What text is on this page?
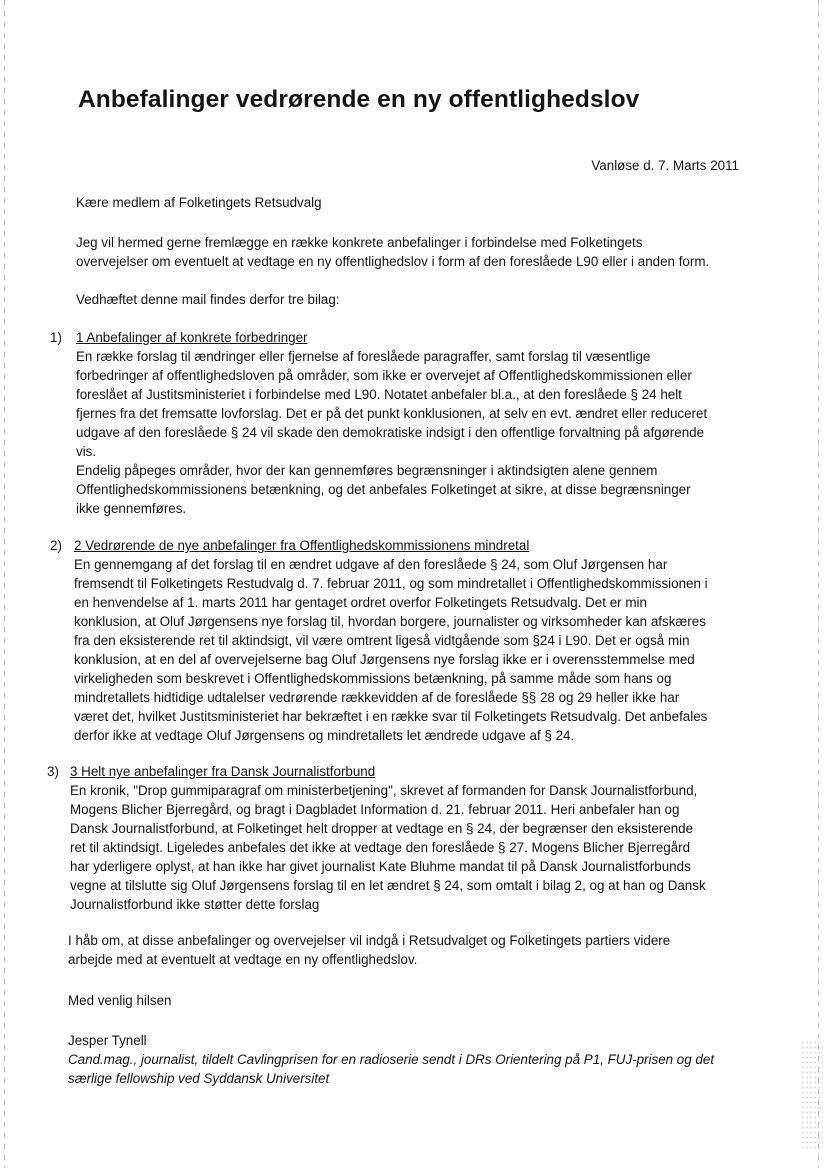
Anbefalinger vedrørende en ny offentlighedslov
Vanløse d. 7. Marts 2011
Kære medlem af Folketingets Retsudvalg
Jeg vil hermed gerne fremlægge en række konkrete anbefalinger i forbindelse med Folketingets
overvejelser om eventuelt at vedtage en ny offentlighedslov i form af den foreslåede L90 eller i anden form.
Vedhæftet denne mail findes derfor tre bilag:
1) 1 Anbefalinger af konkrete forbedringer
En række forslag til ændringer eller fjernelse af foreslåede paragraffer, samt forslag til væsentlige
forbedringer af offentlighedsloven på områder, som ikke er overvejet af Offentlighedskommissionen eller
foreslået af Justitsministeriet i forbindelse med L90. Notatet anbefaler bl.a., at den foreslåede § 24 helt
fjernes fra det fremsatte lovforslag. Det er på det punkt konklusionen, at selv en evt. ændret eller reduceret
udgave af den foreslåede § 24 vil skade den demokratiske indsigt i den offentlige forvaltning på afgørende
vis.
Endelig påpeges områder, hvor der kan gennemføres begrænsninger i aktindsigten alene gennem
Offentlighedskommissionens betænkning, og det anbefales Folketinget at sikre, at disse begrænsninger
ikke gennemføres.
2) 2 Vedrørende de nye anbefalinger fra Offentlighedskommissionens mindretal
En gennemgang af det forslag til en ændret udgave af den foreslåede § 24, som Oluf Jørgensen har
fremsendt til Folketingets Restudvalg d. 7. februar 2011, og som mindretallet i Offentlighedskommissionen i
en henvendelse af 1. marts 2011 har gentaget ordret overfor Folketingets Retsudvalg. Det er min
konklusion, at Oluf Jørgensens nye forslag til, hvordan borgere, journalister og virksomheder kan afskæres
fra den eksisterende ret til aktindsigt, vil være omtrent ligeså vidtgående som §24 i L90. Det er også min
konklusion, at en del af overvejelserne bag Oluf Jørgensens nye forslag ikke er i overensstemmelse med
virkeligheden som beskrevet i Offentlighedskommissions betænkning, på samme måde som hans og
mindretallets hidtidige udtalelser vedrørende rækkevidden af de foreslåede §§ 28 og 29 heller ikke har
været det, hvilket Justitsministeriet har bekræftet i en række svar til Folketingets Retsudvalg. Det anbefales
derfor ikke at vedtage Oluf Jørgensens og mindretallets let ændrede udgave af § 24.
3) 3 Helt nye anbefalinger fra Dansk Journalistforbund
En kronik, "Drop gummiparagraf om ministerbetjening", skrevet af formanden for Dansk Journalistforbund,
Mogens Blicher Bjerregård, og bragt i Dagbladet Information d. 21. februar 2011. Heri anbefaler han og
Dansk Journalistforbund, at Folketinget helt dropper at vedtage en § 24, der begrænser den eksisterende
ret til aktindsigt. Ligeledes anbefales det ikke at vedtage den foreslåede § 27. Mogens Blicher Bjerregård
har yderligere oplyst, at han ikke har givet journalist Kate Bluhme mandat til på Dansk Journalistforbunds
vegne at tilslutte sig Oluf Jørgensens forslag til en let ændret § 24, som omtalt i bilag 2, og at han og Dansk
Journalistforbund ikke støtter dette forslag
I håb om, at disse anbefalinger og overvejelser vil indgå i Retsudvalget og Folketingets partiers videre
arbejde med at eventuelt at vedtage en ny offentlighedslov.
Med venlig hilsen
Jesper Tynell
Cand.mag., journalist, tildelt Cavlingprisen for en radioserie sendt i DRs Orientering på P1, FUJ-prisen og det
særlige fellowship ved Syddansk Universitet
